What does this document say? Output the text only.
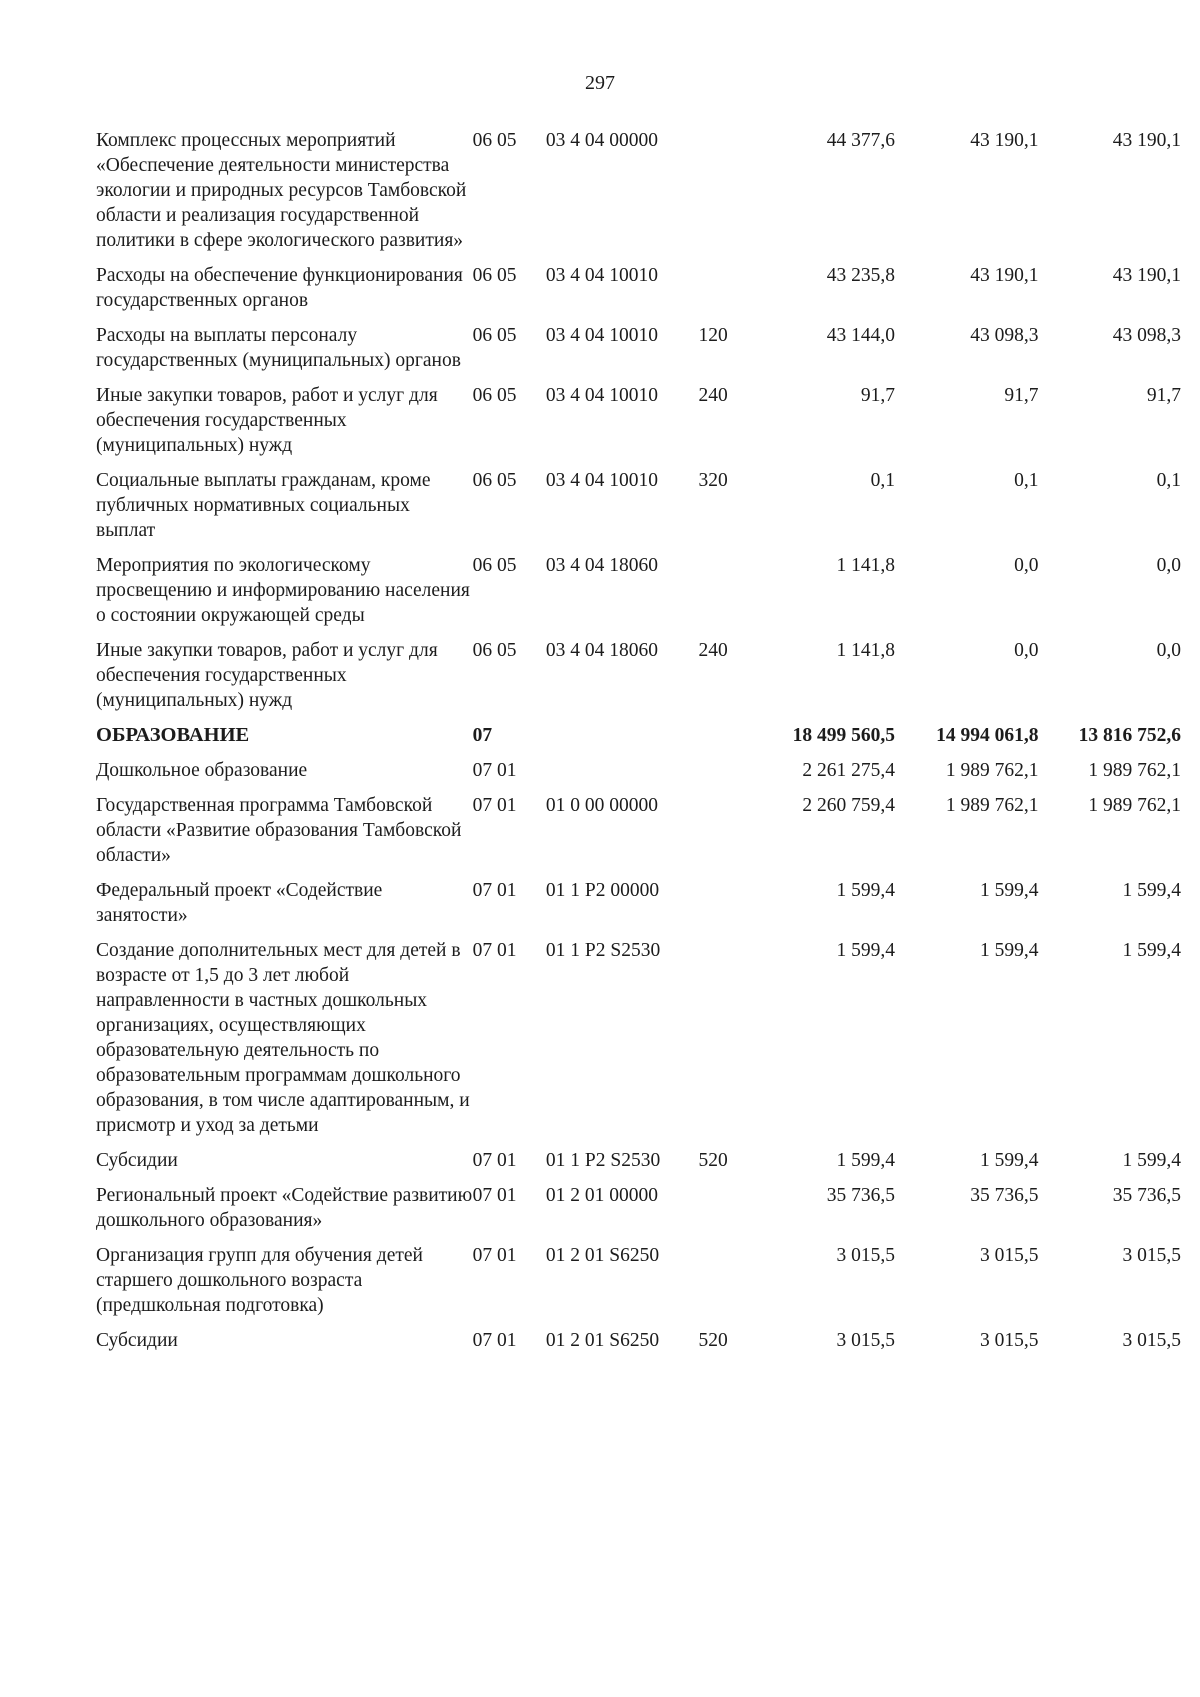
297
Комплекс процессных мероприятий «Обеспечение деятельности министерства экологии и природных ресурсов Тамбовской области и реализация государственной политики в сфере экологического развития»	06 05	03 4 04 00000		44 377,6	43 190,1	43 190,1
Расходы на обеспечение функционирования государственных органов	06 05	03 4 04 10010		43 235,8	43 190,1	43 190,1
Расходы на выплаты персоналу государственных (муниципальных) органов	06 05	03 4 04 10010	120	43 144,0	43 098,3	43 098,3
Иные закупки товаров, работ и услуг для обеспечения государственных (муниципальных) нужд	06 05	03 4 04 10010	240	91,7	91,7	91,7
Социальные выплаты гражданам, кроме публичных нормативных социальных выплат	06 05	03 4 04 10010	320	0,1	0,1	0,1
Мероприятия по экологическому просвещению и информированию населения о состоянии окружающей среды	06 05	03 4 04 18060		1 141,8	0,0	0,0
Иные закупки товаров, работ и услуг для обеспечения государственных (муниципальных) нужд	06 05	03 4 04 18060	240	1 141,8	0,0	0,0
ОБРАЗОВАНИЕ	07			18 499 560,5	14 994 061,8	13 816 752,6
Дошкольное образование	07 01			2 261 275,4	1 989 762,1	1 989 762,1
Государственная программа Тамбовской области «Развитие образования Тамбовской области»	07 01	01 0 00 00000		2 260 759,4	1 989 762,1	1 989 762,1
Федеральный проект «Содействие занятости»	07 01	01 1 P2 00000		1 599,4	1 599,4	1 599,4
Создание дополнительных мест для детей в возрасте от 1,5 до 3 лет любой направленности в частных дошкольных организациях, осуществляющих образовательную деятельность по образовательным программам дошкольного образования, в том числе адаптированным, и присмотр и уход за детьми	07 01	01 1 P2 S2530		1 599,4	1 599,4	1 599,4
Субсидии	07 01	01 1 P2 S2530	520	1 599,4	1 599,4	1 599,4
Региональный проект «Содействие развитию дошкольного образования»	07 01	01 2 01 00000		35 736,5	35 736,5	35 736,5
Организация групп для обучения детей старшего дошкольного возраста (предшкольная подготовка)	07 01	01 2 01 S6250		3 015,5	3 015,5	3 015,5
Субсидии	07 01	01 2 01 S6250	520	3 015,5	3 015,5	3 015,5
